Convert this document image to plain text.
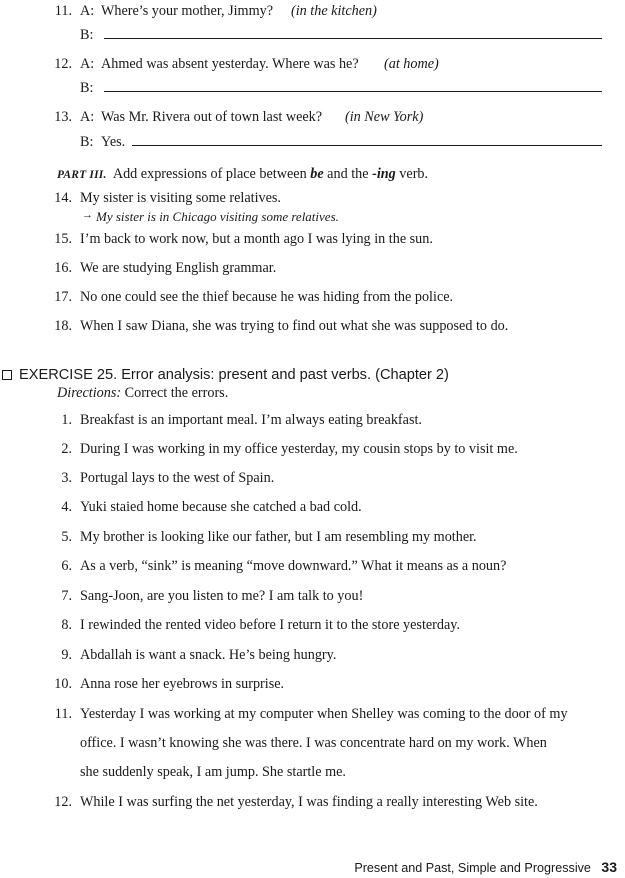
11. A: Where’s your mother, Jimmy? (in the kitchen)
B:
12. A: Ahmed was absent yesterday. Where was he? (at home)
B:
13. A: Was Mr. Rivera out of town last week? (in New York)
B: Yes.
PART III. Add expressions of place between be and the -ing verb.
14. My sister is visiting some relatives.
→ My sister is in Chicago visiting some relatives.
15. I’m back to work now, but a month ago I was lying in the sun.
16. We are studying English grammar.
17. No one could see the thief because he was hiding from the police.
18. When I saw Diana, she was trying to find out what she was supposed to do.
EXERCISE 25. Error analysis: present and past verbs. (Chapter 2)
Directions: Correct the errors.
1. Breakfast is an important meal. I’m always eating breakfast.
2. During I was working in my office yesterday, my cousin stops by to visit me.
3. Portugal lays to the west of Spain.
4. Yuki staied home because she catched a bad cold.
5. My brother is looking like our father, but I am resembling my mother.
6. As a verb, “sink” is meaning “move downward.” What it means as a noun?
7. Sang-Joon, are you listen to me? I am talk to you!
8. I rewinded the rented video before I return it to the store yesterday.
9. Abdallah is want a snack. He’s being hungry.
10. Anna rose her eyebrows in surprise.
11. Yesterday I was working at my computer when Shelley was coming to the door of my
office. I wasn’t knowing she was there. I was concentrate hard on my work. When
she suddenly speak, I am jump. She startle me.
12. While I was surfing the net yesterday, I was finding a really interesting Web site.
Present and Past, Simple and Progressive 33
